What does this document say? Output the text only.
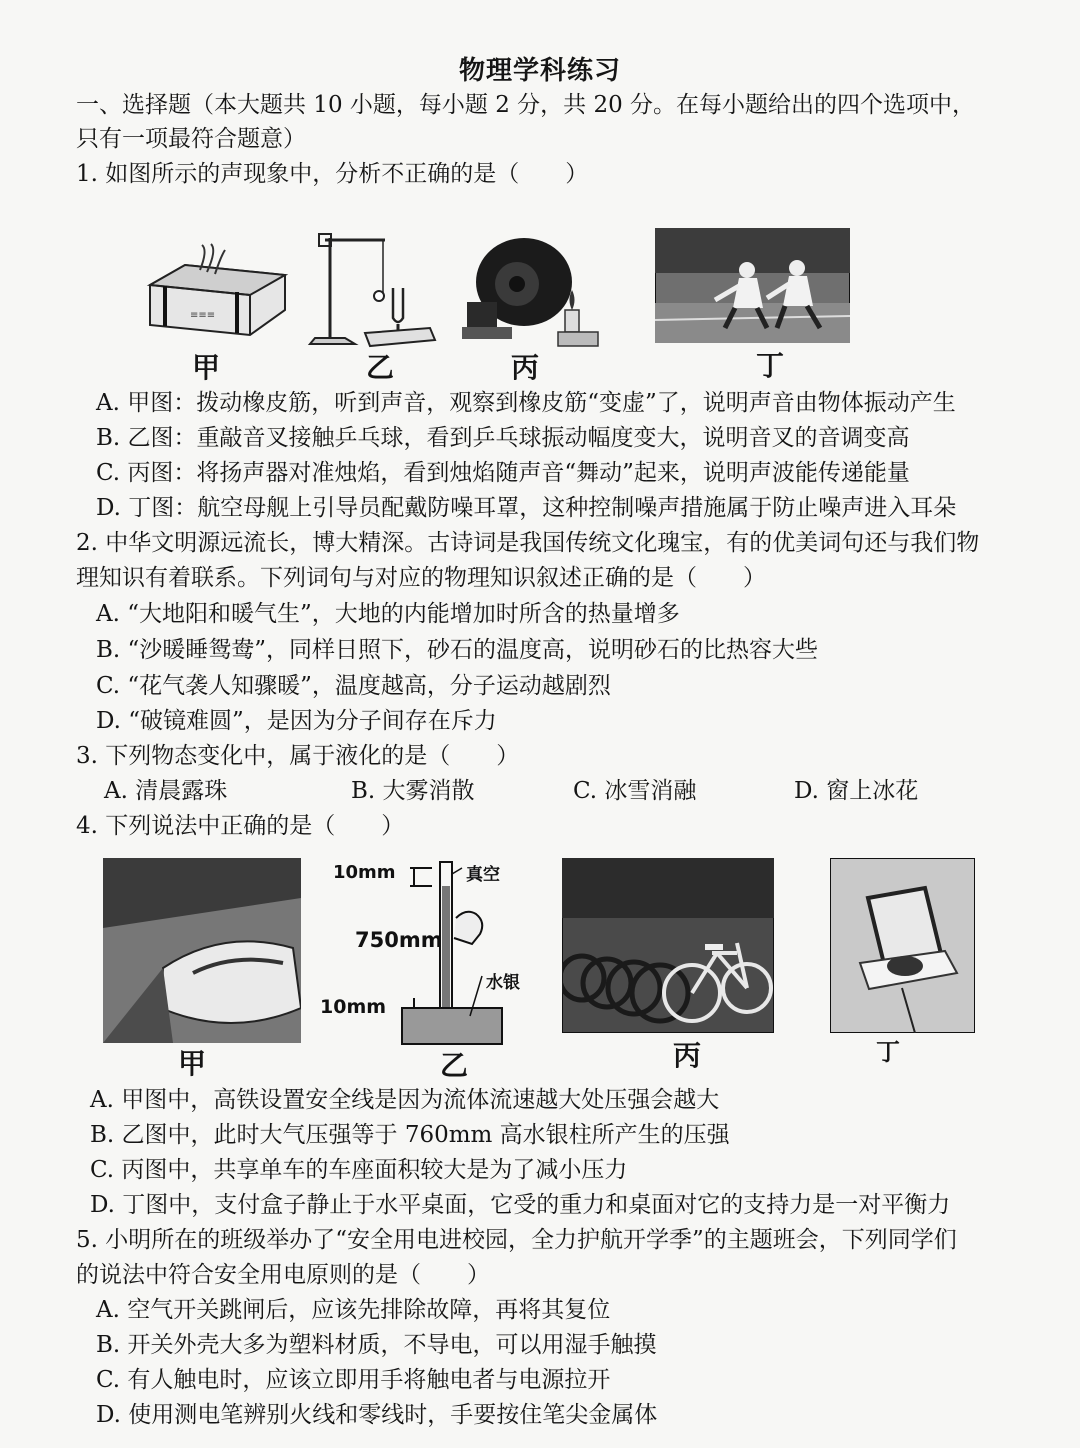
物理学科练习
一、选择题（本大题共 10 小题，每小题 2 分，共 20 分。在每小题给出的四个选项中，
只有一项最符合题意）
1. 如图所示的声现象中，分析不正确的是（　　）
≡≡≡
甲	乙	丙	丁
A. 甲图：拨动橡皮筋，听到声音，观察到橡皮筋“变虚”了，说明声音由物体振动产生
B. 乙图：重敲音叉接触乒乓球，看到乒乓球振动幅度变大，说明音叉的音调变高
C. 丙图：将扬声器对准烛焰，看到烛焰随声音“舞动”起来，说明声波能传递能量
D. 丁图：航空母舰上引导员配戴防噪耳罩，这种控制噪声措施属于防止噪声进入耳朵
2. 中华文明源远流长，博大精深。古诗词是我国传统文化瑰宝，有的优美词句还与我们物
理知识有着联系。下列词句与对应的物理知识叙述正确的是（　　）
A. “大地阳和暖气生”，大地的内能增加时所含的热量增多
B. “沙暖睡鸳鸯”，同样日照下，砂石的温度高，说明砂石的比热容大些
C. “花气袭人知骤暖”，温度越高，分子运动越剧烈
D. “破镜难圆”，是因为分子间存在斥力
3. 下列物态变化中，属于液化的是（　　）
A. 清晨露珠	B. 大雾消散	C. 冰雪消融	D. 窗上冰花
4. 下列说法中正确的是（　　）
甲
10mm	真空
750mm
水银
10mm
乙	丙	丁
A. 甲图中，高铁设置安全线是因为流体流速越大处压强会越大
B. 乙图中，此时大气压强等于 760mm 高水银柱所产生的压强
C. 丙图中，共享单车的车座面积较大是为了减小压力
D. 丁图中，支付盒子静止于水平桌面，它受的重力和桌面对它的支持力是一对平衡力
5. 小明所在的班级举办了“安全用电进校园，全力护航开学季”的主题班会，下列同学们
的说法中符合安全用电原则的是（　　）
A. 空气开关跳闸后，应该先排除故障，再将其复位
B. 开关外壳大多为塑料材质，不导电，可以用湿手触摸
C. 有人触电时，应该立即用手将触电者与电源拉开
D. 使用测电笔辨别火线和零线时，手要按住笔尖金属体
